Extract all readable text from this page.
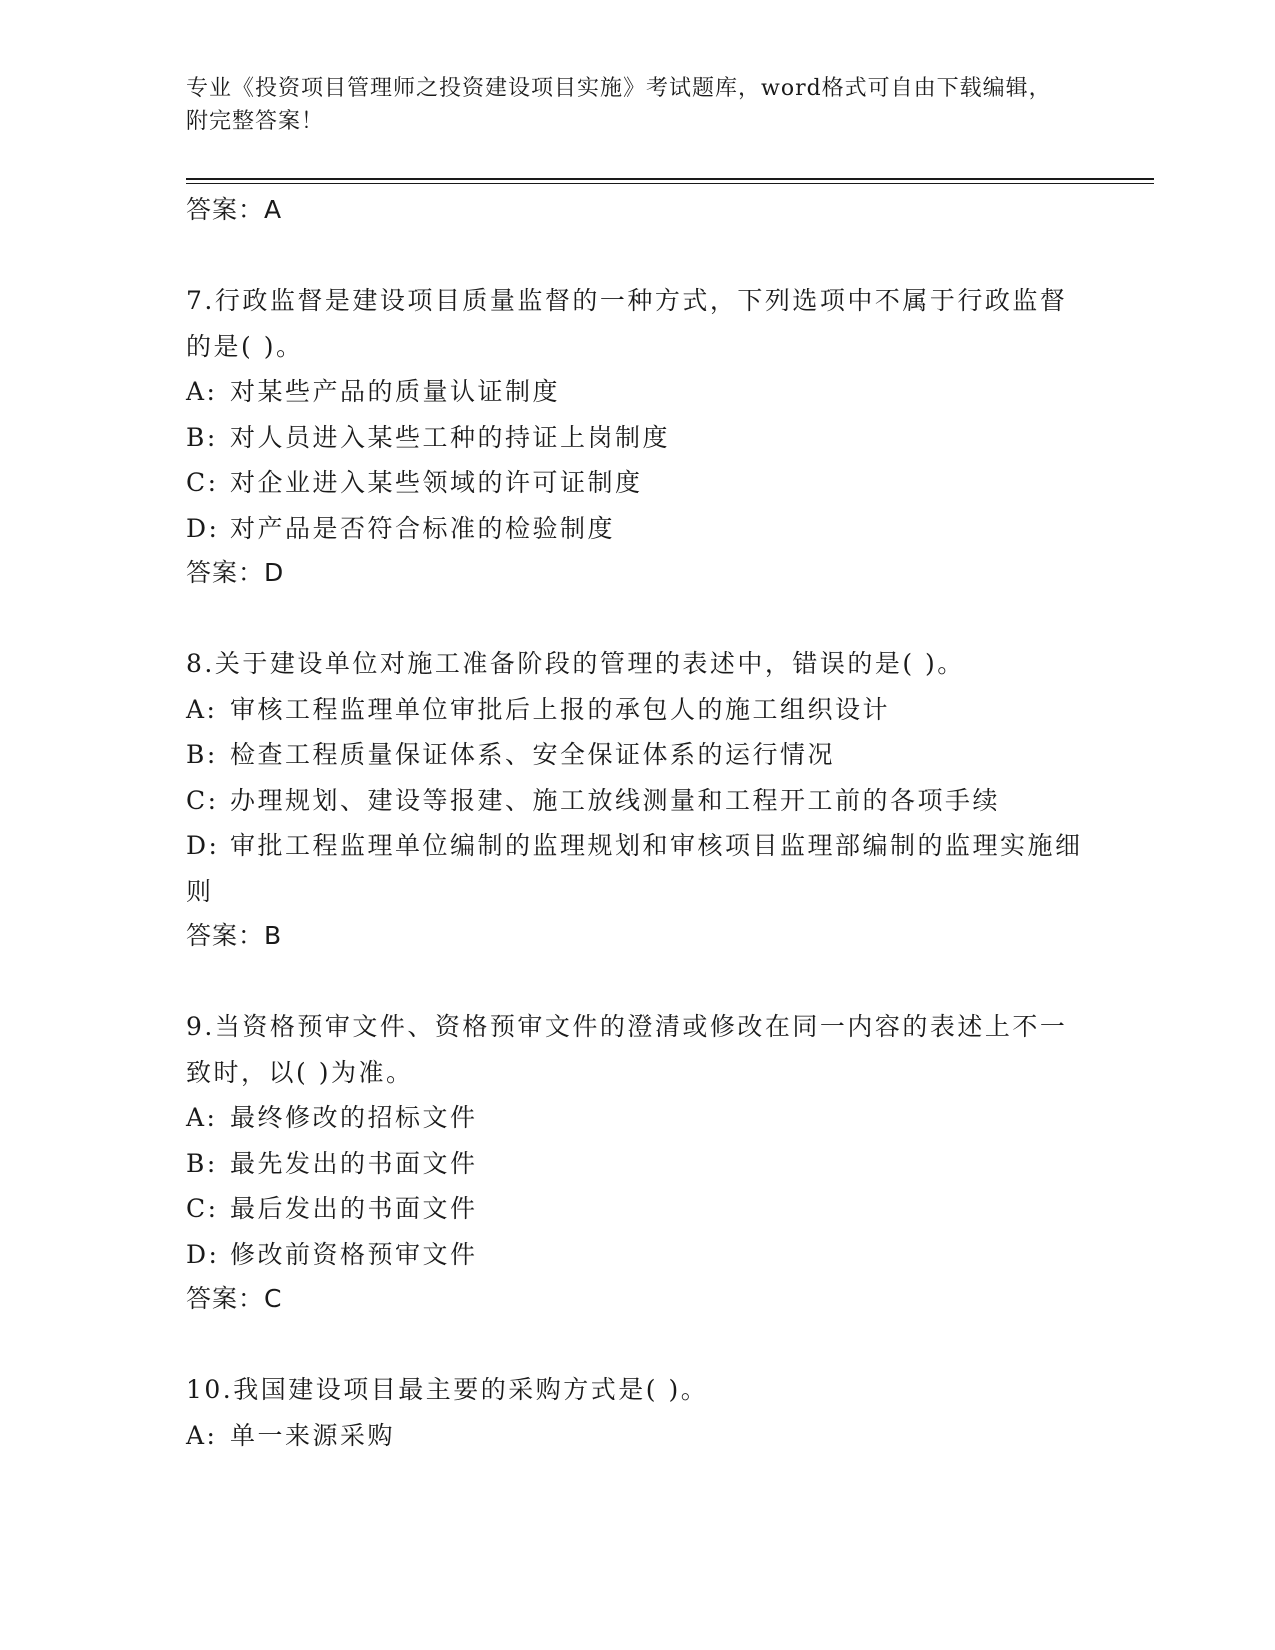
专业《投资项目管理师之投资建设项目实施》考试题库，word格式可自由下载编辑，附完整答案！

答案：A

7.行政监督是建设项目质量监督的一种方式，下列选项中不属于行政监督的是( )。

A: 对某些产品的质量认证制度

B: 对人员进入某些工种的持证上岗制度

C: 对企业进入某些领域的许可证制度

D: 对产品是否符合标准的检验制度

答案：D

8.关于建设单位对施工准备阶段的管理的表述中，错误的是( )。

A: 审核工程监理单位审批后上报的承包人的施工组织设计

B: 检查工程质量保证体系、安全保证体系的运行情况

C: 办理规划、建设等报建、施工放线测量和工程开工前的各项手续

D: 审批工程监理单位编制的监理规划和审核项目监理部编制的监理实施细则

答案：B

9.当资格预审文件、资格预审文件的澄清或修改在同一内容的表述上不一致时，以( )为准。

A: 最终修改的招标文件

B: 最先发出的书面文件

C: 最后发出的书面文件

D: 修改前资格预审文件

答案：C

10.我国建设项目最主要的采购方式是( )。

A: 单一来源采购
